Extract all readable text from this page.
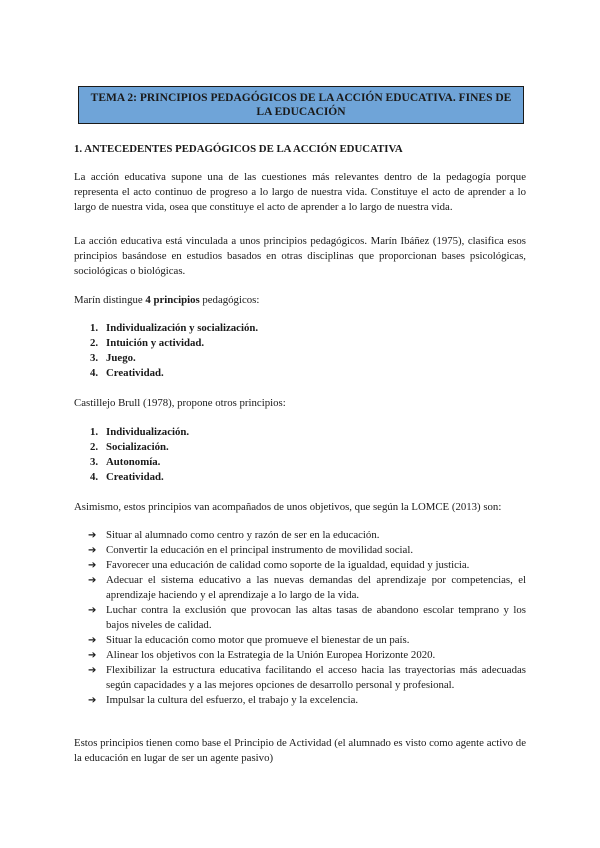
TEMA 2: PRINCIPIOS PEDAGÓGICOS DE LA ACCIÓN EDUCATIVA. FINES DE LA EDUCACIÓN
1. ANTECEDENTES PEDAGÓGICOS DE LA ACCIÓN EDUCATIVA
La acción educativa supone una de las cuestiones más relevantes dentro de la pedagogía porque representa el acto continuo de progreso a lo largo de nuestra vida. Constituye el acto de aprender a lo largo de nuestra vida, osea que constituye el acto de aprender a lo largo de nuestra vida.
La acción educativa está vinculada a unos principios pedagógicos. Marín Ibáñez (1975), clasifica esos principios basándose en estudios basados en otras disciplinas que proporcionan bases psicológicas, sociológicas o biológicas.
Marín distingue 4 principios pedagógicos:
1. Individualización y socialización.
2. Intuición y actividad.
3. Juego.
4. Creatividad.
Castillejo Brull (1978), propone otros principios:
1. Individualización.
2. Socialización.
3. Autonomía.
4. Creatividad.
Asimismo, estos principios van acompañados de unos objetivos, que según la LOMCE (2013) son:
➔ Situar al alumnado como centro y razón de ser en la educación.
➔ Convertir la educación en el principal instrumento de movilidad social.
➔ Favorecer una educación de calidad como soporte de la igualdad, equidad y justicia.
➔ Adecuar el sistema educativo a las nuevas demandas del aprendizaje por competencias, el aprendizaje haciendo y el aprendizaje a lo largo de la vida.
➔ Luchar contra la exclusión que provocan las altas tasas de abandono escolar temprano y los bajos niveles de calidad.
➔ Situar la educación como motor que promueve el bienestar de un país.
➔ Alinear los objetivos con la Estrategia de la Unión Europea Horizonte 2020.
➔ Flexibilizar la estructura educativa facilitando el acceso hacia las trayectorias más adecuadas según capacidades y a las mejores opciones de desarrollo personal y profesional.
➔ Impulsar la cultura del esfuerzo, el trabajo y la excelencia.
Estos principios tienen como base el Principio de Actividad (el alumnado es visto como agente activo de la educación en lugar de ser un agente pasivo)
